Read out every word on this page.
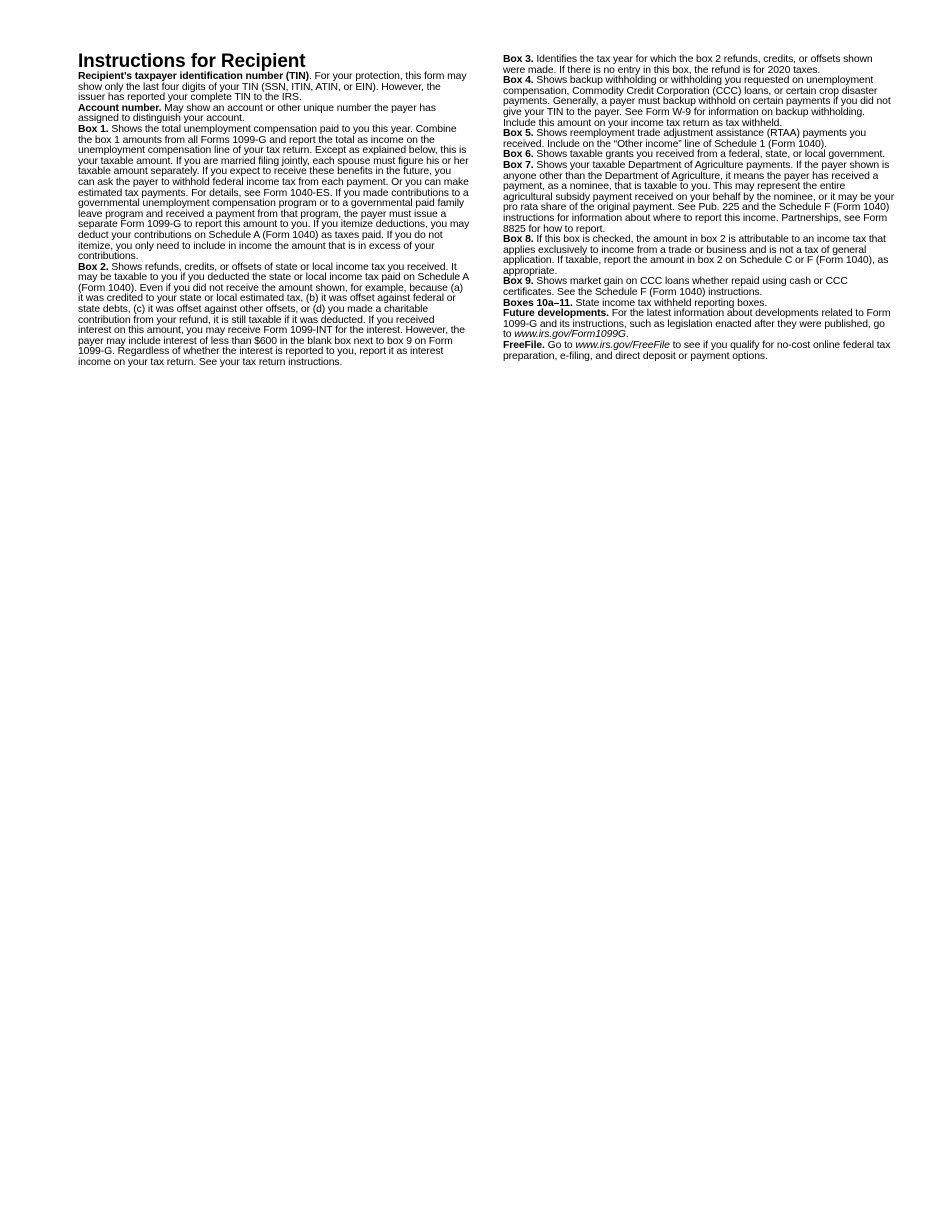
Instructions for Recipient

Recipient’s taxpayer identification number (TIN). For your protection, this form may show only the last four digits of your TIN (SSN, ITIN, ATIN, or EIN). However, the issuer has reported your complete TIN to the IRS.

Account number. May show an account or other unique number the payer has assigned to distinguish your account.

Box 1. Shows the total unemployment compensation paid to you this year. Combine the box 1 amounts from all Forms 1099-G and report the total as income on the unemployment compensation line of your tax return. Except as explained below, this is your taxable amount. If you are married filing jointly, each spouse must figure his or her taxable amount separately. If you expect to receive these benefits in the future, you can ask the payer to withhold federal income tax from each payment. Or you can make estimated tax payments. For details, see Form 1040-ES. If you made contributions to a governmental unemployment compensation program or to a governmental paid family leave program and received a payment from that program, the payer must issue a separate Form 1099-G to report this amount to you. If you itemize deductions, you may deduct your contributions on Schedule A (Form 1040) as taxes paid. If you do not itemize, you only need to include in income the amount that is in excess of your contributions.

Box 2. Shows refunds, credits, or offsets of state or local income tax you received. It may be taxable to you if you deducted the state or local income tax paid on Schedule A (Form 1040). Even if you did not receive the amount shown, for example, because (a) it was credited to your state or local estimated tax, (b) it was offset against federal or state debts, (c) it was offset against other offsets, or (d) you made a charitable contribution from your refund, it is still taxable if it was deducted. If you received interest on this amount, you may receive Form 1099-INT for the interest. However, the payer may include interest of less than $600 in the blank box next to box 9 on Form 1099-G. Regardless of whether the interest is reported to you, report it as interest income on your tax return. See your tax return instructions.

Box 3. Identifies the tax year for which the box 2 refunds, credits, or offsets shown were made. If there is no entry in this box, the refund is for 2020 taxes.

Box 4. Shows backup withholding or withholding you requested on unemployment compensation, Commodity Credit Corporation (CCC) loans, or certain crop disaster payments. Generally, a payer must backup withhold on certain payments if you did not give your TIN to the payer. See Form W-9 for information on backup withholding. Include this amount on your income tax return as tax withheld.

Box 5. Shows reemployment trade adjustment assistance (RTAA) payments you received. Include on the “Other income” line of Schedule 1 (Form 1040).

Box 6. Shows taxable grants you received from a federal, state, or local government.

Box 7. Shows your taxable Department of Agriculture payments. If the payer shown is anyone other than the Department of Agriculture, it means the payer has received a payment, as a nominee, that is taxable to you. This may represent the entire agricultural subsidy payment received on your behalf by the nominee, or it may be your pro rata share of the original payment. See Pub. 225 and the Schedule F (Form 1040) instructions for information about where to report this income. Partnerships, see Form 8825 for how to report.

Box 8. If this box is checked, the amount in box 2 is attributable to an income tax that applies exclusively to income from a trade or business and is not a tax of general application. If taxable, report the amount in box 2 on Schedule C or F (Form 1040), as appropriate.

Box 9. Shows market gain on CCC loans whether repaid using cash or CCC certificates. See the Schedule F (Form 1040) instructions.

Boxes 10a–11. State income tax withheld reporting boxes.

Future developments. For the latest information about developments related to Form 1099-G and its instructions, such as legislation enacted after they were published, go to www.irs.gov/Form1099G.

FreeFile. Go to www.irs.gov/FreeFile to see if you qualify for no-cost online federal tax preparation, e-filing, and direct deposit or payment options.
